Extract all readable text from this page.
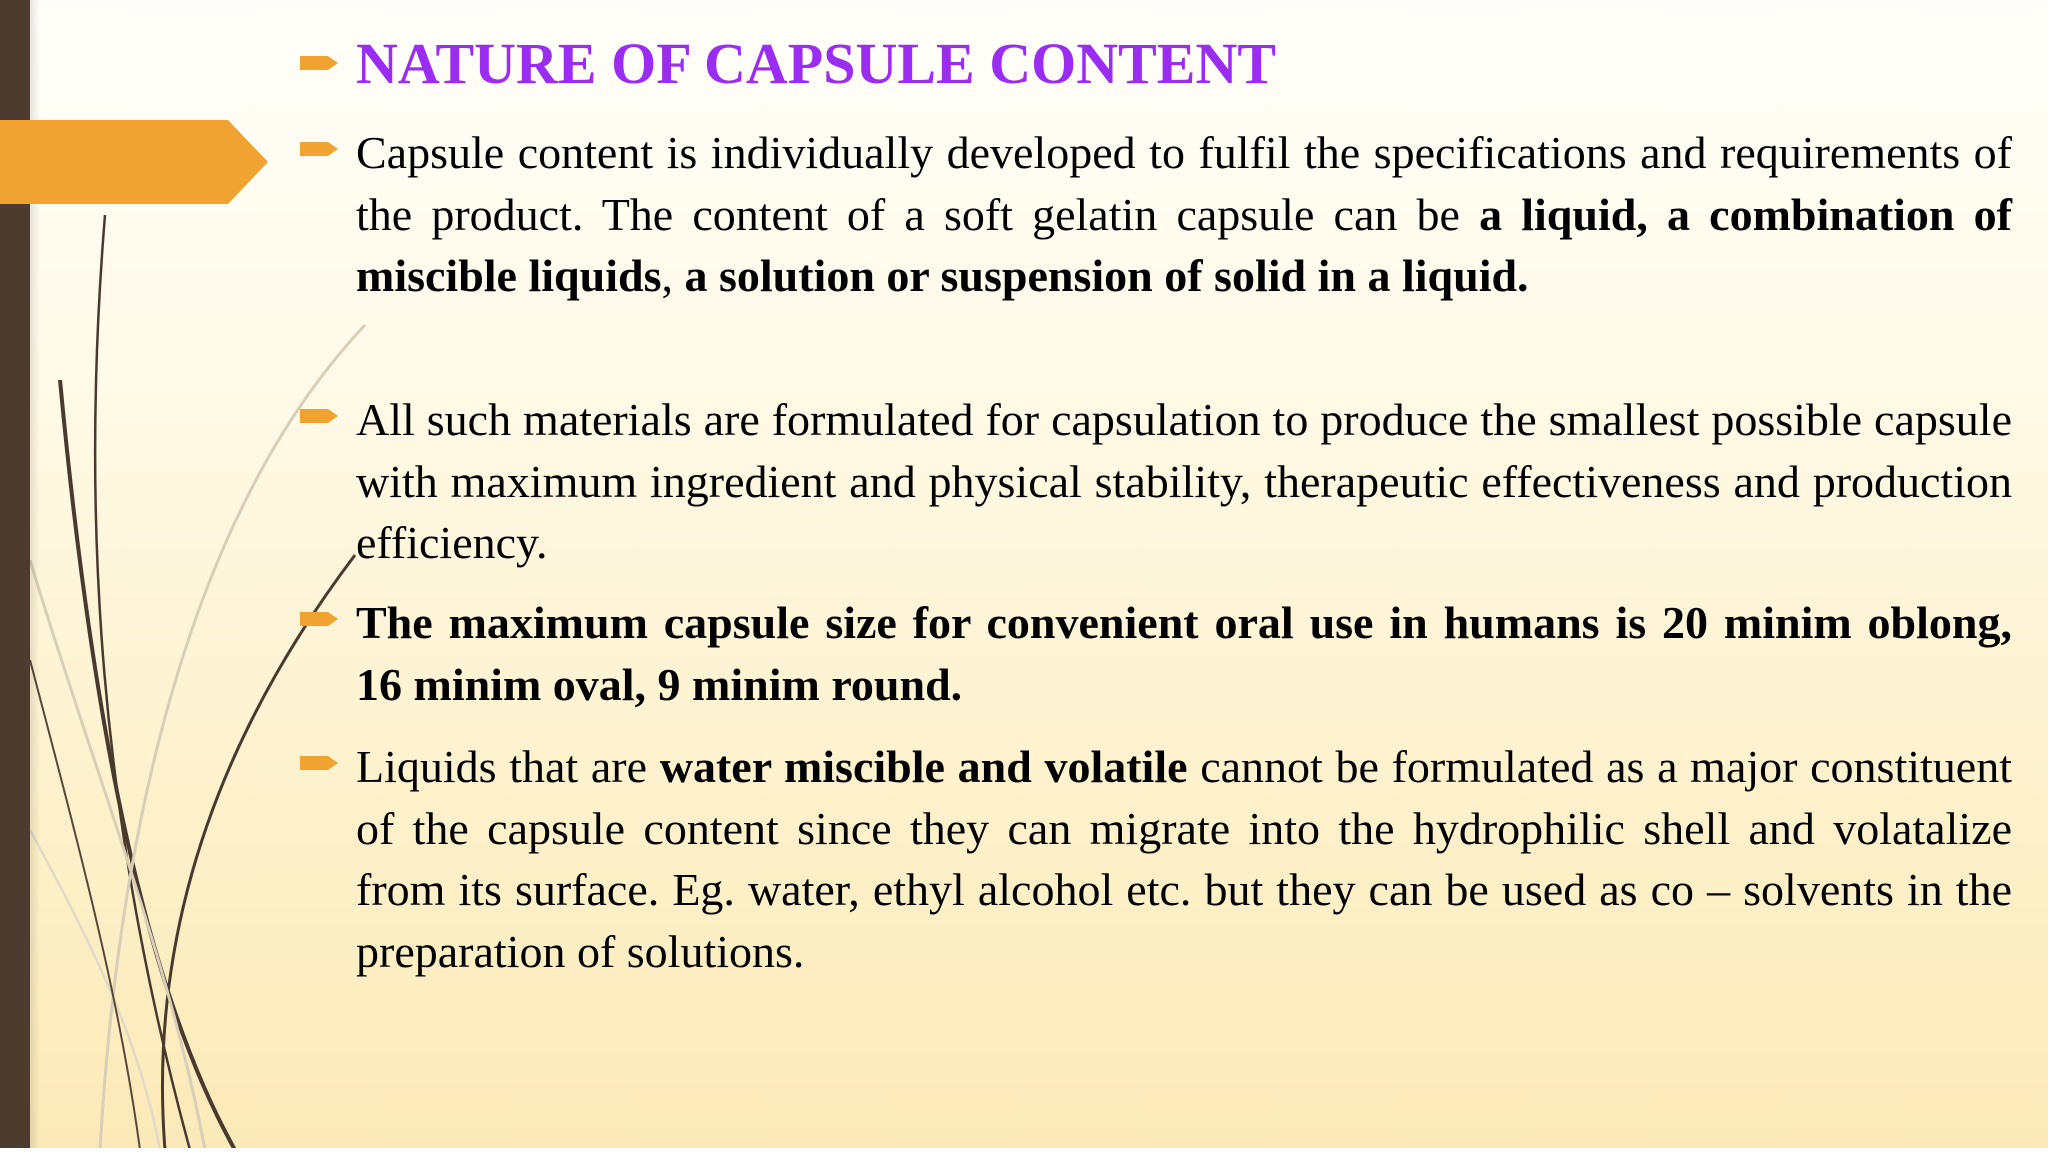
NATURE OF CAPSULE CONTENT

Capsule content is individually developed to fulfil the specifications and requirements of the product. The content of a soft gelatin capsule can be a liquid, a combination of miscible liquids, a solution or suspension of solid in a liquid.

All such materials are formulated for capsulation to produce the smallest possible capsule with maximum ingredient and physical stability, therapeutic effectiveness and production efficiency.

The maximum capsule size for convenient oral use in humans is 20 minim oblong, 16 minim oval, 9 minim round.

Liquids that are water miscible and volatile cannot be formulated as a major constituent of the capsule content since they can migrate into the hydrophilic shell and volatalize from its surface. Eg. water, ethyl alcohol etc. but they can be used as co – solvents in the preparation of solutions.
